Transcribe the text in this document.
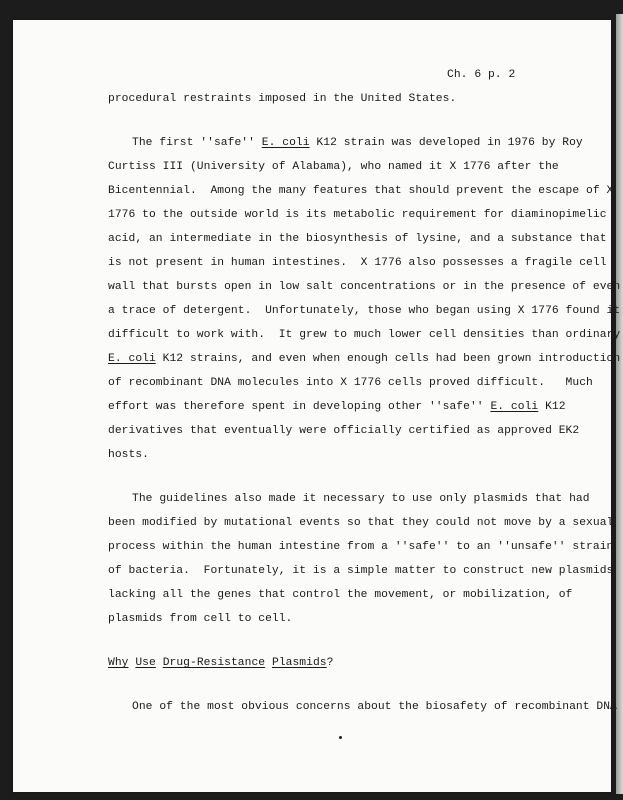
Ch. 6 p. 2
procedural restraints imposed in the United States.
The first ''safe'' E. coli K12 strain was developed in 1976 by Roy
Curtiss III (University of Alabama), who named it X 1776 after the
Bicentennial.  Among the many features that should prevent the escape of X
1776 to the outside world is its metabolic requirement for diaminopimelic
acid, an intermediate in the biosynthesis of lysine, and a substance that
is not present in human intestines.  X 1776 also possesses a fragile cell
wall that bursts open in low salt concentrations or in the presence of even
a trace of detergent.  Unfortunately, those who began using X 1776 found it
difficult to work with.  It grew to much lower cell densities than ordinary
E. coli K12 strains, and even when enough cells had been grown introduction
of recombinant DNA molecules into X 1776 cells proved difficult.   Much
effort was therefore spent in developing other ''safe'' E. coli K12
derivatives that eventually were officially certified as approved EK2
hosts.
The guidelines also made it necessary to use only plasmids that had
been modified by mutational events so that they could not move by a sexual
process within the human intestine from a ''safe'' to an ''unsafe'' strain
of bacteria.  Fortunately, it is a simple matter to construct new plasmids
lacking all the genes that control the movement, or mobilization, of
plasmids from cell to cell.
Why Use Drug-Resistance Plasmids?
One of the most obvious concerns about the biosafety of recombinant DNA
